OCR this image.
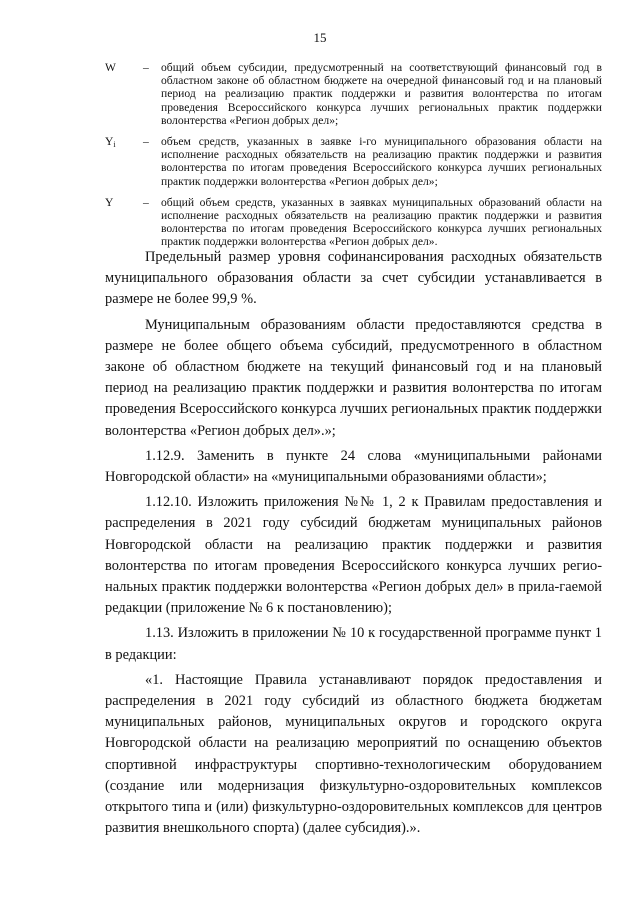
15
W	–	общий объем субсидии, предусмотренный на соответствующий финансовый год в областном законе об областном бюджете на очередной финансовый год и на плановый период на реализацию практик поддержки и развития волонтерства по итогам проведения Всероссийского конкурса лучших региональных практик поддержки волонтерства «Регион добрых дел»;
$Y_i$	–	объем средств, указанных в заявке i-го муниципального образования области на исполнение расходных обязательств на реализацию практик поддержки и развития волонтерства по итогам проведения Всероссийского конкурса лучших региональных практик поддержки волонтерства «Регион добрых дел»;
Y	–	общий объем средств, указанных в заявках муниципальных образований области на исполнение расходных обязательств на реализацию практик поддержки и развития волонтерства по итогам проведения Всероссийского конкурса лучших региональных практик поддержки волонтерства «Регион добрых дел».

Предельный размер уровня софинансирования расходных обязательств муниципального образования области за счет субсидии устанавливается в размере не более 99,9 %.

Муниципальным образованиям области предоставляются средства в размере не более общего объема субсидий, предусмотренного в областном законе об областном бюджете на текущий финансовый год и на плановый период на реализацию практик поддержки и развития волонтерства по итогам проведения Всероссийского конкурса лучших региональных практик поддержки волонтерства «Регион добрых дел».»;

1.12.9. Заменить в пункте 24 слова «муниципальными районами Новгородской области» на «муниципальными образованиями области»;

1.12.10. Изложить приложения №№ 1, 2 к Правилам предоставления и распределения в 2021 году субсидий бюджетам муниципальных районов Новгородской области на реализацию практик поддержки и развития волонтерства по итогам проведения Всероссийского конкурса лучших регио-нальных практик поддержки волонтерства «Регион добрых дел» в прила-гаемой редакции (приложение № 6 к постановлению);

1.13. Изложить в приложении № 10 к государственной программе пункт 1 в редакции:

«1. Настоящие Правила устанавливают порядок предоставления и распределения в 2021 году субсидий из областного бюджета бюджетам муниципальных районов, муниципальных округов и городского округа Новгородской области на реализацию мероприятий по оснащению объектов спортивной инфраструктуры спортивно-технологическим оборудованием (создание или модернизация физкультурно-оздоровительных комплексов открытого типа и (или) физкультурно-оздоровительных комплексов для центров развития внешкольного спорта) (далее субсидия).».
